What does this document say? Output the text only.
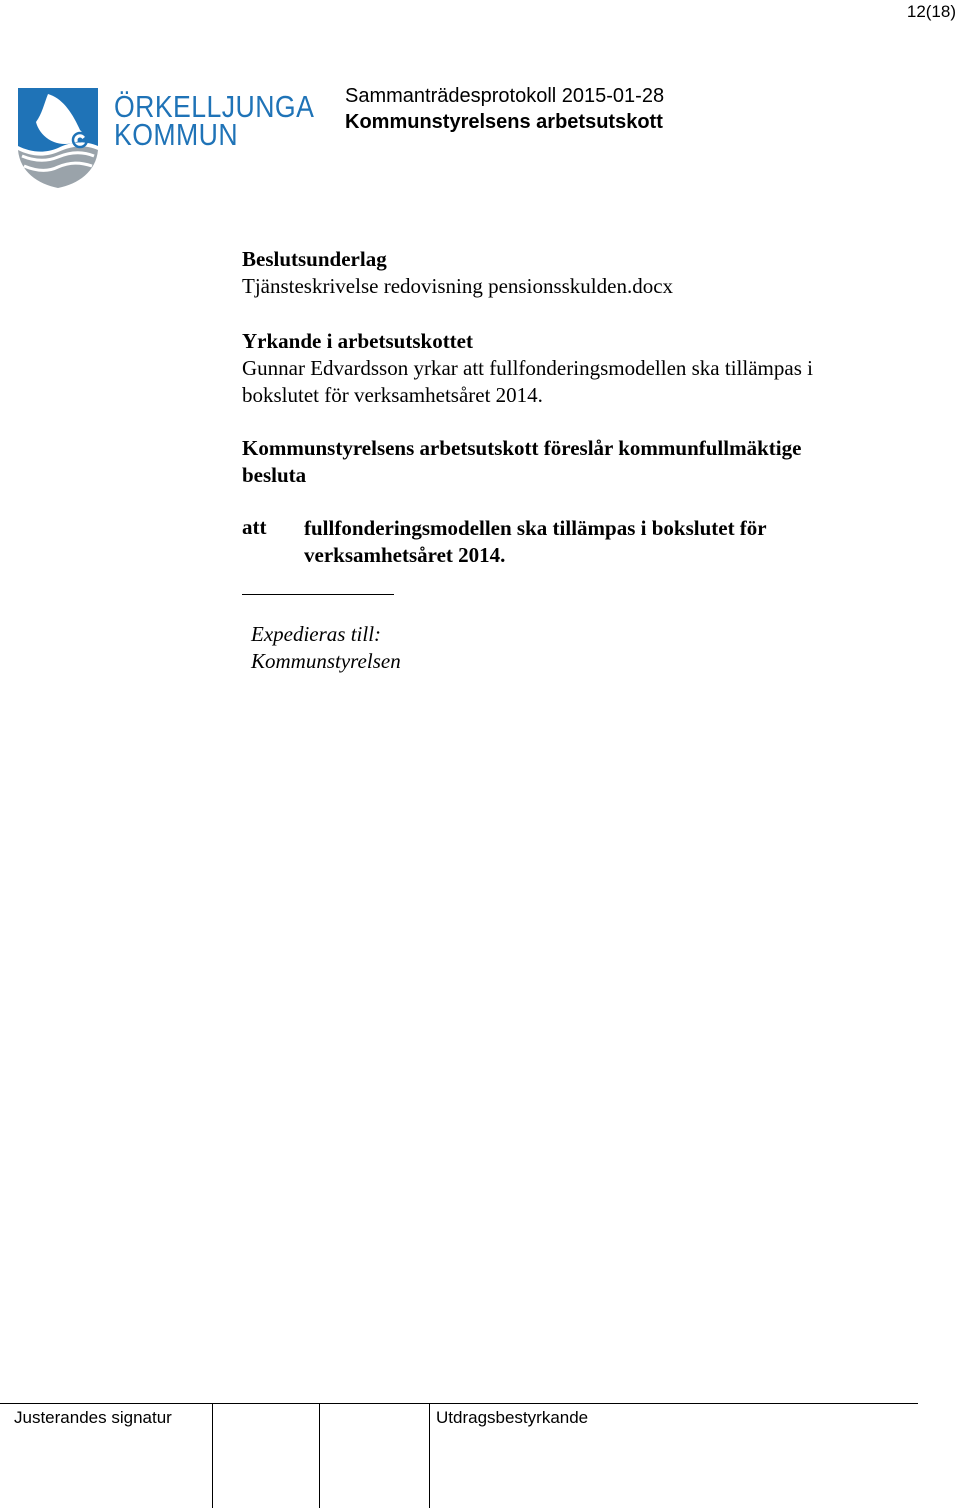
12(18)
ÖRKELLJUNGA
KOMMUN
Sammanträdesprotokoll 2015-01-28
Kommunstyrelsens arbetsutskott
Beslutsunderlag
Tjänsteskrivelse redovisning pensionsskulden.docx
Yrkande i arbetsutskottet
Gunnar Edvardsson yrkar att fullfonderingsmodellen ska tillämpas i
bokslutet för verksamhetsåret 2014.
Kommunstyrelsens arbetsutskott föreslår kommunfullmäktige
besluta
att fullfonderingsmodellen ska tillämpas i bokslutet för
verksamhetsåret 2014.
Expedieras till:
Kommunstyrelsen
Justerandes signatur	Utdragsbestyrkande
